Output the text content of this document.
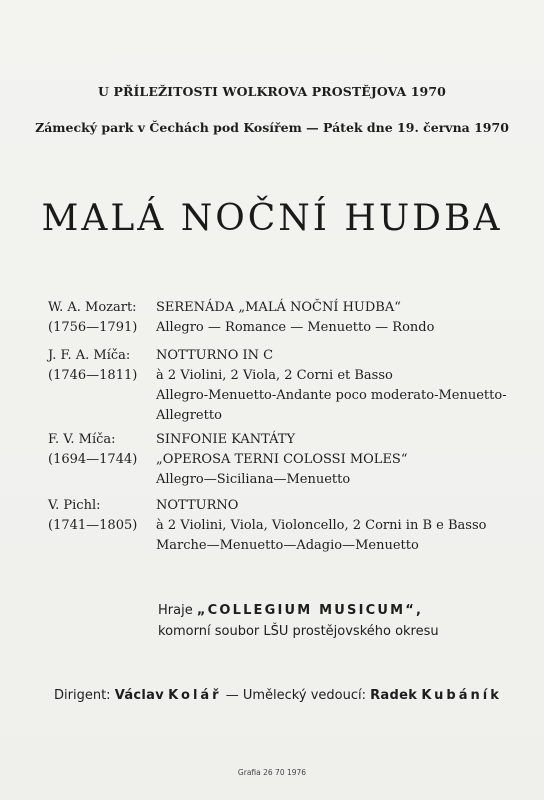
U PŘÍLEŽITOSTI WOLKROVA PROSTĚJOVA 1970
Zámecký park v Čechách pod Kosířem — Pátek dne 19. června 1970
MALÁ NOČNÍ HUDBA
W. A. Mozart:
(1756—1791)
SERENÁDA „MALÁ NOČNÍ HUDBA“
Allegro — Romance — Menuetto — Rondo
J. F. A. Míča:
(1746—1811)
NOTTURNO IN C
à 2 Violini, 2 Viola, 2 Corni et Basso
Allegro-Menuetto-Andante poco moderato-Menuetto-
Allegretto
F. V. Míča:
(1694—1744)
SINFONIE KANTÁTY
„OPEROSA TERNI COLOSSI MOLES“
Allegro—Siciliana—Menuetto
V. Pichl:
(1741—1805)
NOTTURNO
à 2 Violini, Viola, Violoncello, 2 Corni in B e Basso
Marche—Menuetto—Adagio—Menuetto
Hraje „COLLEGIUM MUSICUM“,
komorní soubor LŠU prostějovského okresu
Dirigent: Václav Kolář — Umělecký vedoucí: Radek Kubáník
Grafia 26 70 1976
